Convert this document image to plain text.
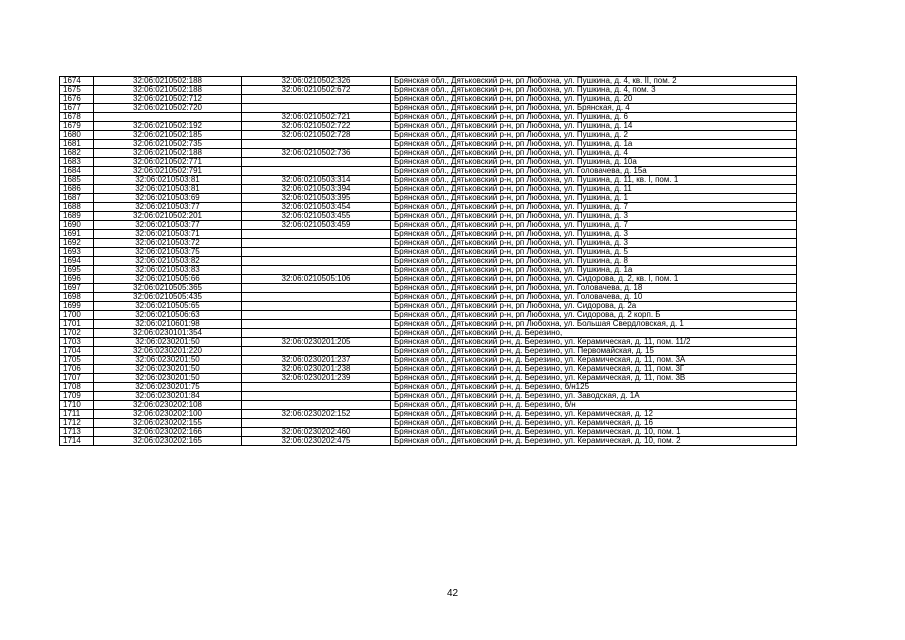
1674	32:06:0210502:188	32:06:0210502:326	Брянская обл., Дятьковский р-н, рп Любохна, ул. Пушкина, д. 4, кв. II, пом. 2
1675	32:06:0210502:188	32:06:0210502:672	Брянская обл., Дятьковский р-н, рп Любохна, ул. Пушкина, д. 4, пом. 3
1676	32:06:0210502:712		Брянская обл., Дятьковский р-н, рп Любохна, ул. Пушкина, д. 20
1677	32:06:0210502:720		Брянская обл., Дятьковский р-н, рп Любохна, ул. Брянская, д. 4
1678		32:06:0210502:721	Брянская обл., Дятьковский р-н, рп Любохна, ул. Пушкина, д. 6
1679	32:06:0210502:192	32:06:0210502:722	Брянская обл., Дятьковский р-н, рп Любохна, ул. Пушкина, д. 14
1680	32:06:0210502:185	32:06:0210502:728	Брянская обл., Дятьковский р-н, рп Любохна, ул. Пушкина, д. 2
1681	32:06:0210502:735		Брянская обл., Дятьковский р-н, рп Любохна, ул. Пушкина, д. 1а
1682	32:06:0210502:188	32:06:0210502:736	Брянская обл., Дятьковский р-н, рп Любохна, ул. Пушкина, д. 4
1683	32:06:0210502:771		Брянская обл., Дятьковский р-н, рп Любохна, ул. Пушкина, д. 10а
1684	32:06:0210502:791		Брянская обл., Дятьковский р-н, рп Любохна, ул. Головачева, д. 15а
1685	32:06:0210503:81	32:06:0210503:314	Брянская обл., Дятьковский р-н, рп Любохна, ул. Пушкина, д. 11, кв. I, пом. 1
1686	32:06:0210503:81	32:06:0210503:394	Брянская обл., Дятьковский р-н, рп Любохна, ул. Пушкина, д. 11
1687	32:06:0210503:69	32:06:0210503:395	Брянская обл., Дятьковский р-н, рп Любохна, ул. Пушкина, д. 1
1688	32:06:0210503:77	32:06:0210503:454	Брянская обл., Дятьковский р-н, рп Любохна, ул. Пушкина, д. 7
1689	32:06:0210502:201	32:06:0210503:455	Брянская обл., Дятьковский р-н, рп Любохна, ул. Пушкина, д. 3
1690	32:06:0210503:77	32:06:0210503:459	Брянская обл., Дятьковский р-н, рп Любохна, ул. Пушкина, д. 7
1691	32:06:0210503:71		Брянская обл., Дятьковский р-н, рп Любохна, ул. Пушкина, д. 3
1692	32:06:0210503:72		Брянская обл., Дятьковский р-н, рп Любохна, ул. Пушкина, д. 3
1693	32:06:0210503:75		Брянская обл., Дятьковский р-н, рп Любохна, ул. Пушкина, д. 5
1694	32:06:0210503:82		Брянская обл., Дятьковский р-н, рп Любохна, ул. Пушкина, д. 8
1695	32:06:0210503:83		Брянская обл., Дятьковский р-н, рп Любохна, ул. Пушкина, д. 1а
1696	32:06:0210505:66	32:06:0210505:106	Брянская обл., Дятьковский р-н, рп Любохна, ул. Сидорова, д. 2, кв. I, пом. 1
1697	32:06:0210505:365		Брянская обл., Дятьковский р-н, рп Любохна, ул. Головачева, д. 18
1698	32:06:0210505:435		Брянская обл., Дятьковский р-н, рп Любохна, ул. Головачева, д. 10
1699	32:06:0210505:65		Брянская обл., Дятьковский р-н, рп Любохна, ул. Сидорова, д. 2а
1700	32:06:0210506:63		Брянская обл., Дятьковский р-н, рп Любохна, ул. Сидорова, д. 2 корп. Б
1701	32:06:0210601:98		Брянская обл., Дятьковский р-н, рп Любохна, ул. Большая Свердловская, д. 1
1702	32:06:0230101:354		Брянская обл., Дятьковский р-н, д. Березино,
1703	32:06:0230201:50	32:06:0230201:205	Брянская обл., Дятьковский р-н, д. Березино, ул. Керамическая, д. 11, пом. 11/2
1704	32:06:0230201:220		Брянская обл., Дятьковский р-н, д. Березино, ул. Первомайская, д. 15
1705	32:06:0230201:50	32:06:0230201:237	Брянская обл., Дятьковский р-н, д. Березино, ул. Керамическая, д. 11, пом. 3А
1706	32:06:0230201:50	32:06:0230201:238	Брянская обл., Дятьковский р-н, д. Березино, ул. Керамическая, д. 11, пом. 3Г
1707	32:06:0230201:50	32:06:0230201:239	Брянская обл., Дятьковский р-н, д. Березино, ул. Керамическая, д. 11, пом. 3В
1708	32:06:0230201:75		Брянская обл., Дятьковский р-н, д. Березино, б/н125
1709	32:06:0230201:84		Брянская обл., Дятьковский р-н, д. Березино, ул. Заводская, д. 1А
1710	32:06:0230202:108		Брянская обл., Дятьковский р-н, д. Березино, б/н
1711	32:06:0230202:100	32:06:0230202:152	Брянская обл., Дятьковский р-н, д. Березино, ул. Керамическая, д. 12
1712	32:06:0230202:155		Брянская обл., Дятьковский р-н, д. Березино, ул. Керамическая, д. 16
1713	32:06:0230202:166	32:06:0230202:460	Брянская обл., Дятьковский р-н, д. Березино, ул. Керамическая, д. 10, пом. 1
1714	32:06:0230202:165	32:06:0230202:475	Брянская обл., Дятьковский р-н, д. Березино, ул. Керамическая, д. 10, пом. 2
42
